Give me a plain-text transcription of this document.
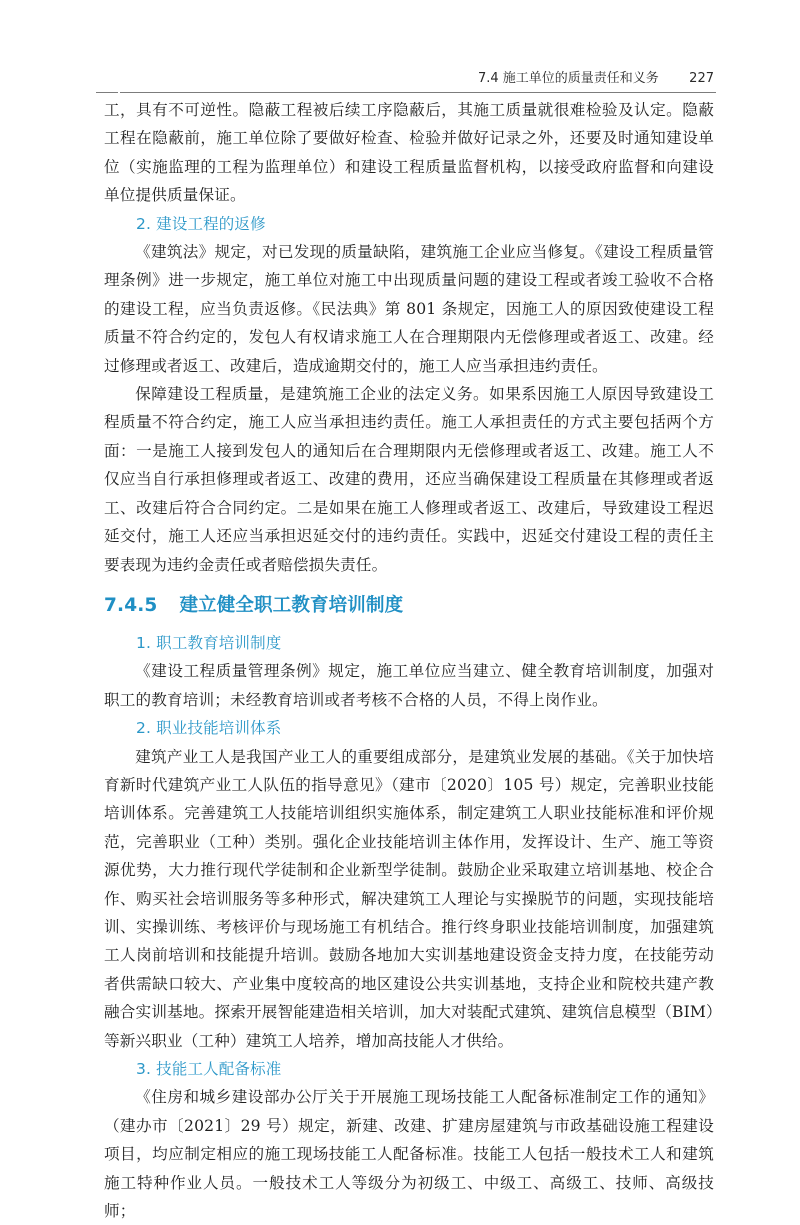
7.4 施工单位的质量责任和义务 227

工，具有不可逆性。隐蔽工程被后续工序隐蔽后，其施工质量就很难检验及认定。隐蔽工程在隐蔽前，施工单位除了要做好检查、检验并做好记录之外，还要及时通知建设单位（实施监理的工程为监理单位）和建设工程质量监督机构，以接受政府监督和向建设单位提供质量保证。

2. 建设工程的返修

《建筑法》规定，对已发现的质量缺陷，建筑施工企业应当修复。《建设工程质量管理条例》进一步规定，施工单位对施工中出现质量问题的建设工程或者竣工验收不合格的建设工程，应当负责返修。《民法典》第 801 条规定，因施工人的原因致使建设工程质量不符合约定的，发包人有权请求施工人在合理期限内无偿修理或者返工、改建。经过修理或者返工、改建后，造成逾期交付的，施工人应当承担违约责任。

保障建设工程质量，是建筑施工企业的法定义务。如果系因施工人原因导致建设工程质量不符合约定，施工人应当承担违约责任。施工人承担责任的方式主要包括两个方面：一是施工人接到发包人的通知后在合理期限内无偿修理或者返工、改建。施工人不仅应当自行承担修理或者返工、改建的费用，还应当确保建设工程质量在其修理或者返工、改建后符合合同约定。二是如果在施工人修理或者返工、改建后，导致建设工程迟延交付，施工人还应当承担迟延交付的违约责任。实践中，迟延交付建设工程的责任主要表现为违约金责任或者赔偿损失责任。

7.4.5 建立健全职工教育培训制度

1. 职工教育培训制度

《建设工程质量管理条例》规定，施工单位应当建立、健全教育培训制度，加强对职工的教育培训；未经教育培训或者考核不合格的人员，不得上岗作业。

2. 职业技能培训体系

建筑产业工人是我国产业工人的重要组成部分，是建筑业发展的基础。《关于加快培育新时代建筑产业工人队伍的指导意见》（建市〔2020〕105 号）规定，完善职业技能培训体系。完善建筑工人技能培训组织实施体系，制定建筑工人职业技能标准和评价规范，完善职业（工种）类别。强化企业技能培训主体作用，发挥设计、生产、施工等资源优势，大力推行现代学徒制和企业新型学徒制。鼓励企业采取建立培训基地、校企合作、购买社会培训服务等多种形式，解决建筑工人理论与实操脱节的问题，实现技能培训、实操训练、考核评价与现场施工有机结合。推行终身职业技能培训制度，加强建筑工人岗前培训和技能提升培训。鼓励各地加大实训基地建设资金支持力度，在技能劳动者供需缺口较大、产业集中度较高的地区建设公共实训基地，支持企业和院校共建产教融合实训基地。探索开展智能建造相关培训，加大对装配式建筑、建筑信息模型（BIM）等新兴职业（工种）建筑工人培养，增加高技能人才供给。

3. 技能工人配备标准

《住房和城乡建设部办公厅关于开展施工现场技能工人配备标准制定工作的通知》（建办市〔2021〕29 号）规定，新建、改建、扩建房屋建筑与市政基础设施工程建设项目，均应制定相应的施工现场技能工人配备标准。技能工人包括一般技术工人和建筑施工特种作业人员。一般技术工人等级分为初级工、中级工、高级工、技师、高级技师；
